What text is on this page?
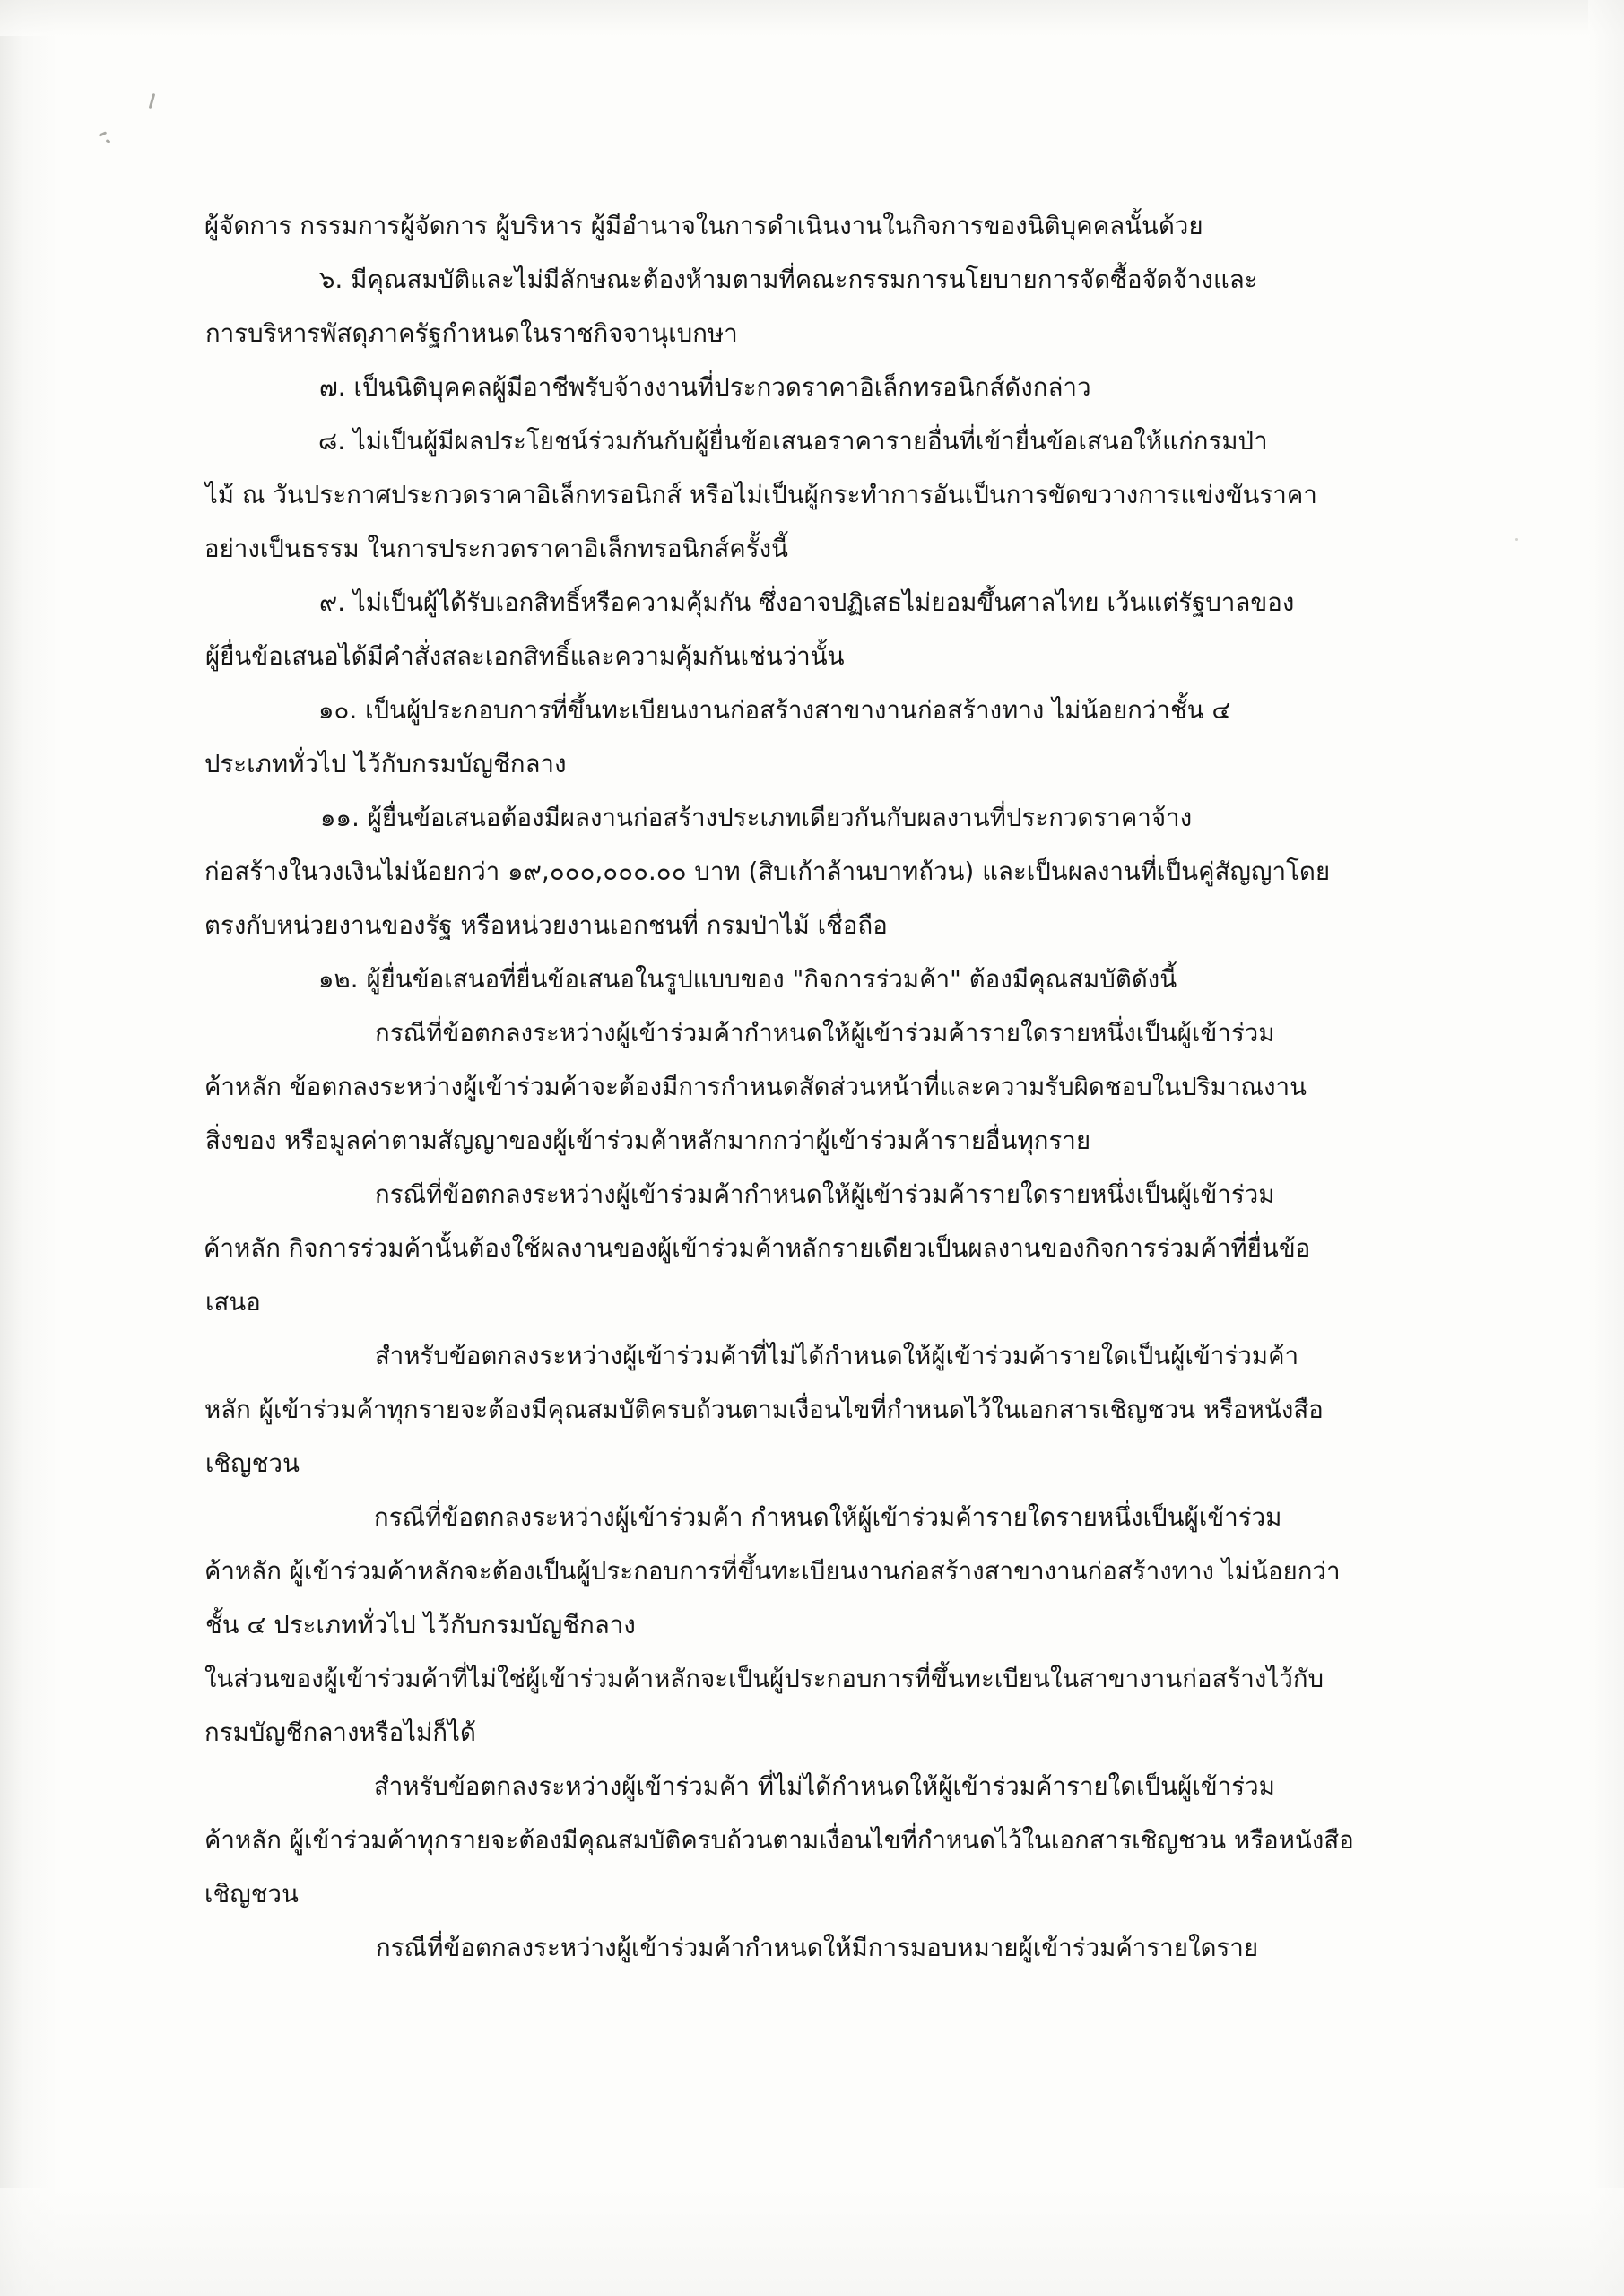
ผู้จัดการ กรรมการผู้จัดการ ผู้บริหาร ผู้มีอำนาจในการดำเนินงานในกิจการของนิติบุคคลนั้นด้วย
๖. มีคุณสมบัติและไม่มีลักษณะต้องห้ามตามที่คณะกรรมการนโยบายการจัดซื้อจัดจ้างและ
การบริหารพัสดุภาครัฐกำหนดในราชกิจจานุเบกษา
๗. เป็นนิติบุคคลผู้มีอาชีพรับจ้างงานที่ประกวดราคาอิเล็กทรอนิกส์ดังกล่าว
๘. ไม่เป็นผู้มีผลประโยชน์ร่วมกันกับผู้ยื่นข้อเสนอราคารายอื่นที่เข้ายื่นข้อเสนอให้แก่กรมป่า
ไม้ ณ วันประกาศประกวดราคาอิเล็กทรอนิกส์ หรือไม่เป็นผู้กระทำการอันเป็นการขัดขวางการแข่งขันราคา
อย่างเป็นธรรม ในการประกวดราคาอิเล็กทรอนิกส์ครั้งนี้
๙. ไม่เป็นผู้ได้รับเอกสิทธิ์หรือความคุ้มกัน ซึ่งอาจปฏิเสธไม่ยอมขึ้นศาลไทย เว้นแต่รัฐบาลของ
ผู้ยื่นข้อเสนอได้มีคำสั่งสละเอกสิทธิ์และความคุ้มกันเช่นว่านั้น
๑๐. เป็นผู้ประกอบการที่ขึ้นทะเบียนงานก่อสร้างสาขางานก่อสร้างทาง ไม่น้อยกว่าชั้น ๔
ประเภททั่วไป ไว้กับกรมบัญชีกลาง
๑๑. ผู้ยื่นข้อเสนอต้องมีผลงานก่อสร้างประเภทเดียวกันกับผลงานที่ประกวดราคาจ้าง
ก่อสร้างในวงเงินไม่น้อยกว่า ๑๙,๐๐๐,๐๐๐.๐๐ บาท (สิบเก้าล้านบาทถ้วน) และเป็นผลงานที่เป็นคู่สัญญาโดย
ตรงกับหน่วยงานของรัฐ หรือหน่วยงานเอกชนที่ กรมป่าไม้ เชื่อถือ
๑๒. ผู้ยื่นข้อเสนอที่ยื่นข้อเสนอในรูปแบบของ "กิจการร่วมค้า" ต้องมีคุณสมบัติดังนี้
กรณีที่ข้อตกลงระหว่างผู้เข้าร่วมค้ากำหนดให้ผู้เข้าร่วมค้ารายใดรายหนึ่งเป็นผู้เข้าร่วม
ค้าหลัก ข้อตกลงระหว่างผู้เข้าร่วมค้าจะต้องมีการกำหนดสัดส่วนหน้าที่และความรับผิดชอบในปริมาณงาน
สิ่งของ หรือมูลค่าตามสัญญาของผู้เข้าร่วมค้าหลักมากกว่าผู้เข้าร่วมค้ารายอื่นทุกราย
กรณีที่ข้อตกลงระหว่างผู้เข้าร่วมค้ากำหนดให้ผู้เข้าร่วมค้ารายใดรายหนึ่งเป็นผู้เข้าร่วม
ค้าหลัก กิจการร่วมค้านั้นต้องใช้ผลงานของผู้เข้าร่วมค้าหลักรายเดียวเป็นผลงานของกิจการร่วมค้าที่ยื่นข้อ
เสนอ
สำหรับข้อตกลงระหว่างผู้เข้าร่วมค้าที่ไม่ได้กำหนดให้ผู้เข้าร่วมค้ารายใดเป็นผู้เข้าร่วมค้า
หลัก ผู้เข้าร่วมค้าทุกรายจะต้องมีคุณสมบัติครบถ้วนตามเงื่อนไขที่กำหนดไว้ในเอกสารเชิญชวน หรือหนังสือ
เชิญชวน
กรณีที่ข้อตกลงระหว่างผู้เข้าร่วมค้า กำหนดให้ผู้เข้าร่วมค้ารายใดรายหนึ่งเป็นผู้เข้าร่วม
ค้าหลัก ผู้เข้าร่วมค้าหลักจะต้องเป็นผู้ประกอบการที่ขึ้นทะเบียนงานก่อสร้างสาขางานก่อสร้างทาง ไม่น้อยกว่า
ชั้น ๔ ประเภททั่วไป ไว้กับกรมบัญชีกลาง
ในส่วนของผู้เข้าร่วมค้าที่ไม่ใช่ผู้เข้าร่วมค้าหลักจะเป็นผู้ประกอบการที่ขึ้นทะเบียนในสาขางานก่อสร้างไว้กับ
กรมบัญชีกลางหรือไม่ก็ได้
สำหรับข้อตกลงระหว่างผู้เข้าร่วมค้า ที่ไม่ได้กำหนดให้ผู้เข้าร่วมค้ารายใดเป็นผู้เข้าร่วม
ค้าหลัก ผู้เข้าร่วมค้าทุกรายจะต้องมีคุณสมบัติครบถ้วนตามเงื่อนไขที่กำหนดไว้ในเอกสารเชิญชวน หรือหนังสือ
เชิญชวน
กรณีที่ข้อตกลงระหว่างผู้เข้าร่วมค้ากำหนดให้มีการมอบหมายผู้เข้าร่วมค้ารายใดราย
